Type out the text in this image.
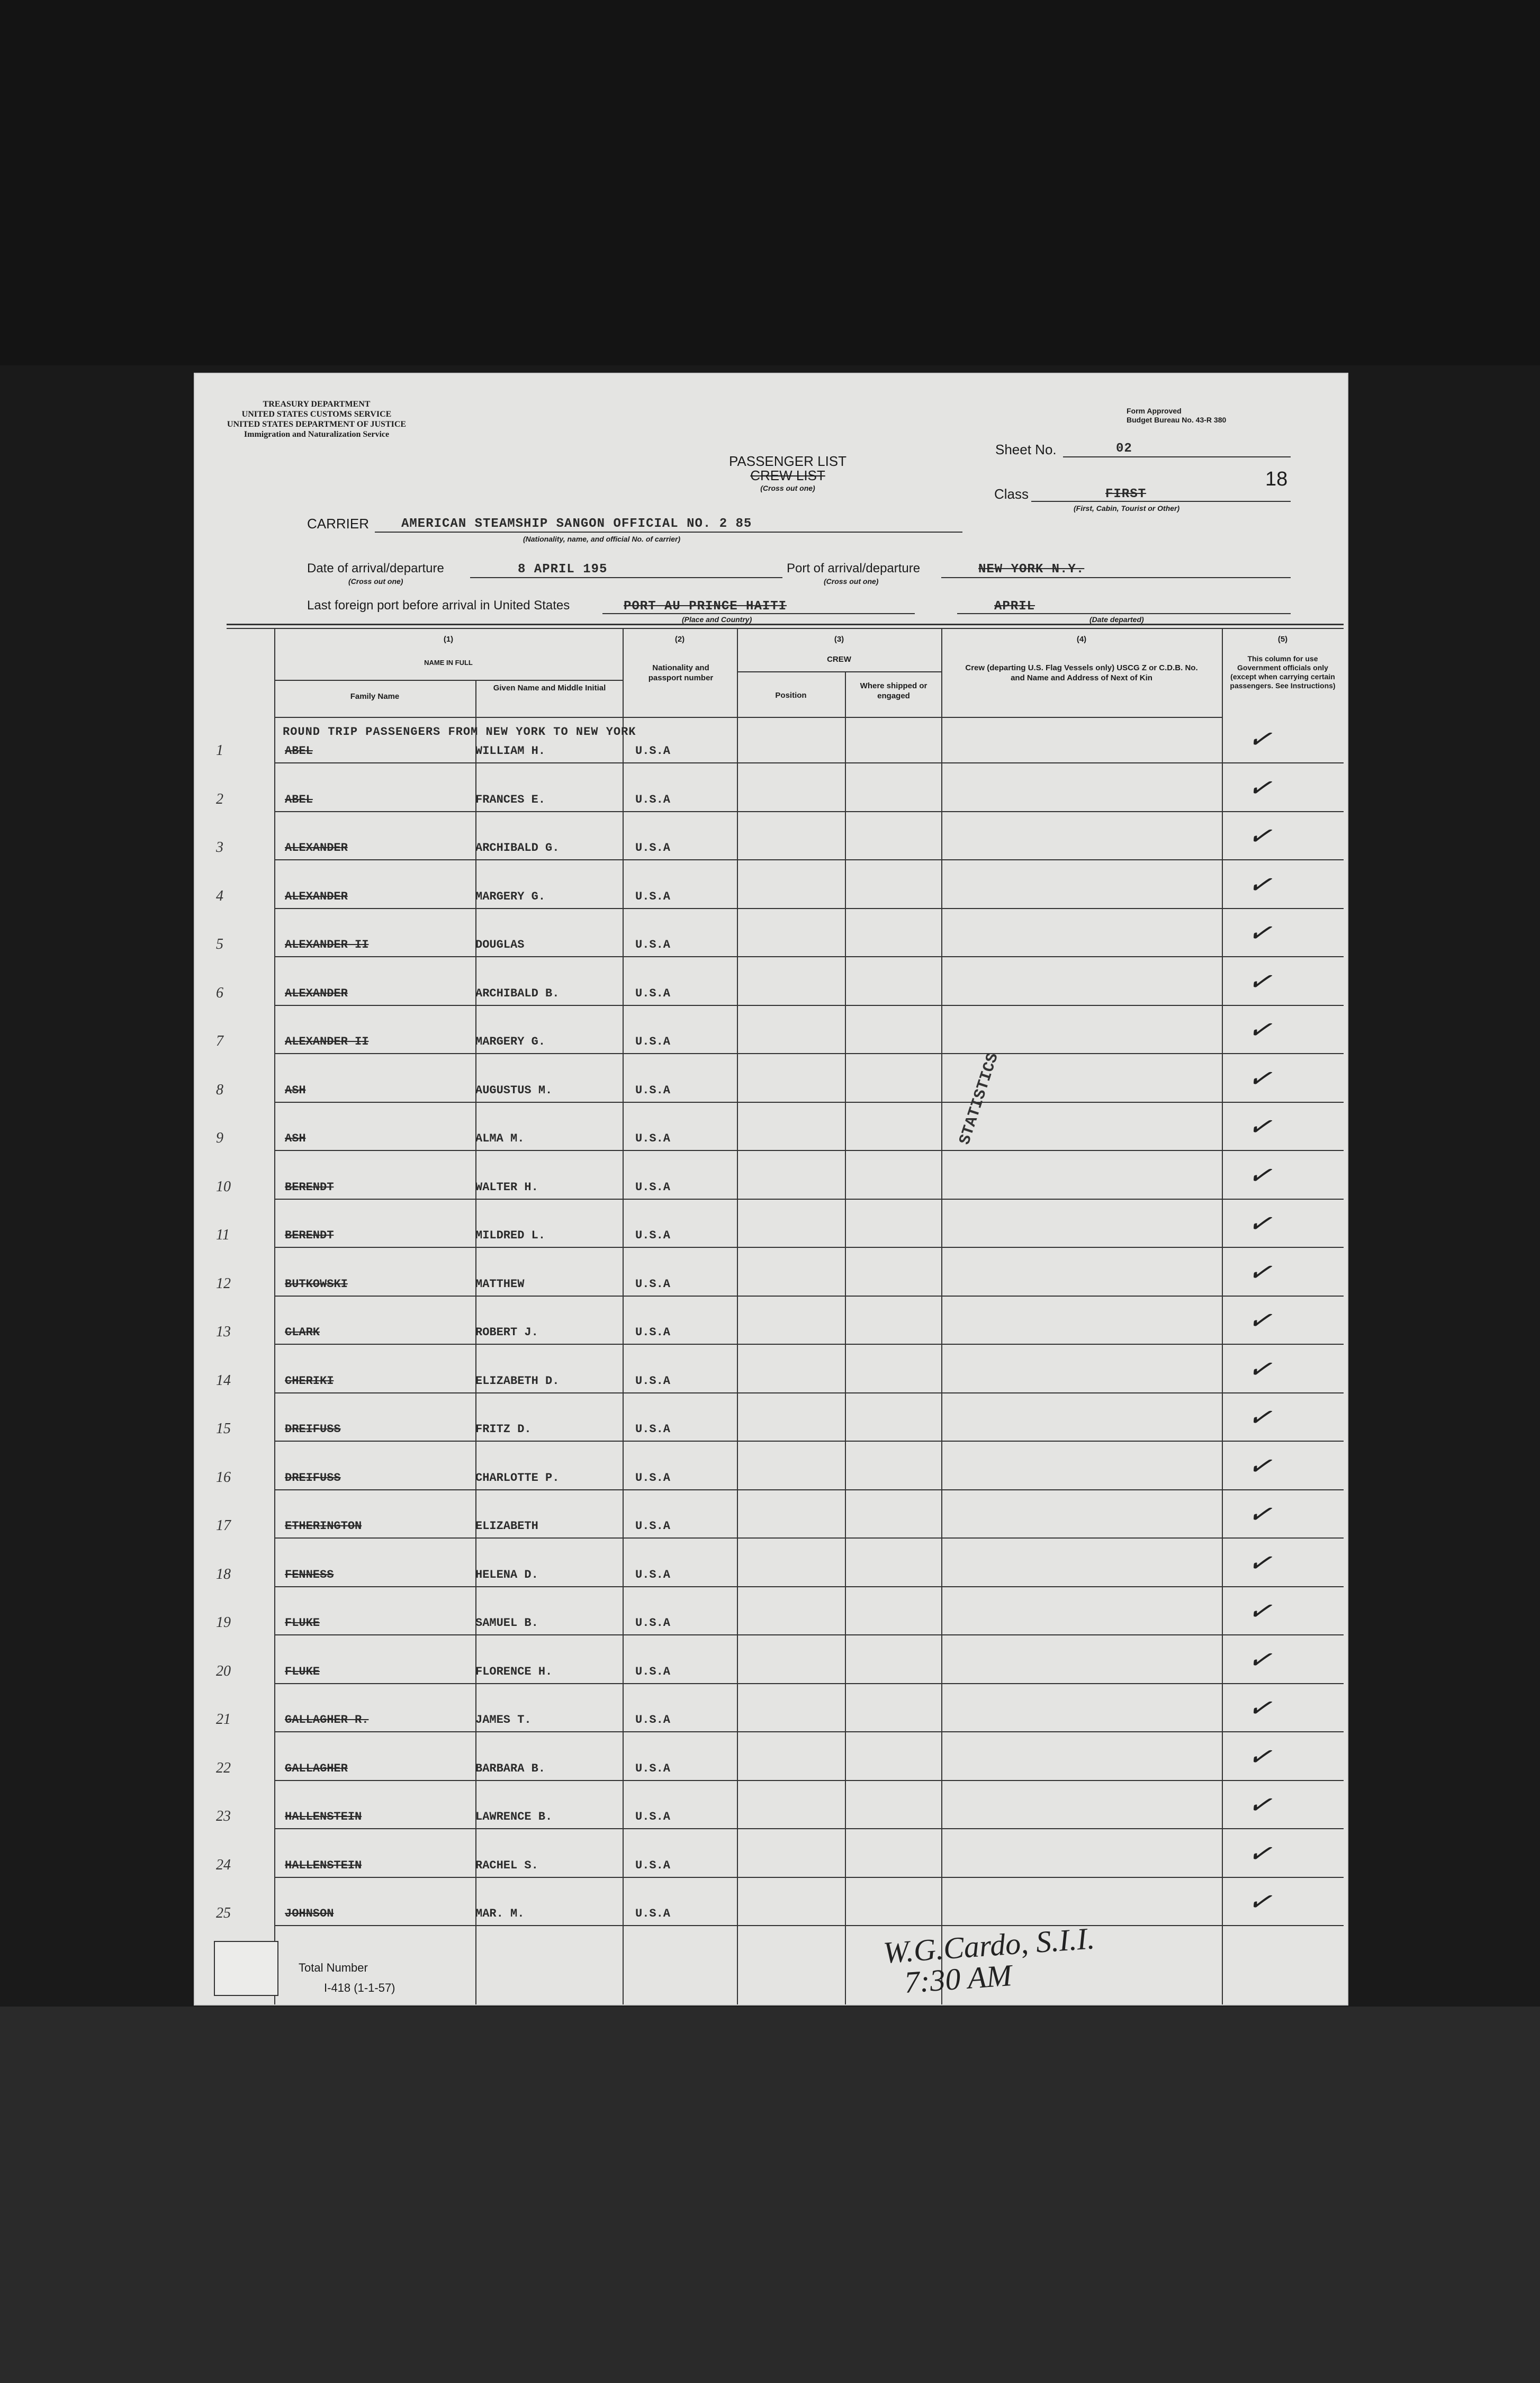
TREASURY DEPARTMENT
UNITED STATES CUSTOMS SERVICE
UNITED STATES DEPARTMENT OF JUSTICE
Immigration and Naturalization Service
Form Approved
Budget Bureau No. 43-R 380
PASSENGER LIST
CREW LIST
(Cross out one)
Sheet No.	02
18
Class	FIRST
(First, Cabin, Tourist or Other)
CARRIER	AMERICAN STEAMSHIP SANGON OFFICIAL NO. 2 85
(Nationality, name, and official No. of carrier)
Date of arrival/departure
(Cross out one)
8 APRIL 195	Port of arrival/departure
(Cross out one)
NEW YORK N.Y.
Last foreign port before arrival in United States	PORT AU PRINCE HAITI
(Place and Country)
APRIL
(Date departed)
(1)
NAME IN FULL
Family Name
Given Name and Middle Initial
(2)
Nationality and passport number
(3)
CREW
Position
Where shipped or engaged
(4)
Crew (departing U.S. Flag Vessels only) USCG Z or C.D.B. No. and Name and Address of Next of Kin
(5)
This column for use Government officials only (except when carrying certain passengers. See Instructions)
ROUND TRIP PASSENGERS FROM NEW YORK TO NEW YORK
1	ABEL	WILLIAM H.	U.S.A	✓
2	ABEL	FRANCES E.	U.S.A	✓
3	ALEXANDER	ARCHIBALD G.	U.S.A	✓
4	ALEXANDER	MARGERY G.	U.S.A	✓
5	ALEXANDER II	DOUGLAS	U.S.A	✓
6	ALEXANDER	ARCHIBALD B.	U.S.A	✓
7	ALEXANDER II	MARGERY G.	U.S.A	✓
8	ASH	AUGUSTUS M.	U.S.A	✓
9	ASH	ALMA M.	U.S.A	✓
10	BERENDT	WALTER H.	U.S.A	✓
11	BERENDT	MILDRED L.	U.S.A	✓
12	BUTKOWSKI	MATTHEW	U.S.A	✓
13	CLARK	ROBERT J.	U.S.A	✓
14	CHERIKI	ELIZABETH D.	U.S.A	✓
15	DREIFUSS	FRITZ D.	U.S.A	✓
16	DREIFUSS	CHARLOTTE P.	U.S.A	✓
17	ETHERINGTON	ELIZABETH	U.S.A	✓
18	FENNESS	HELENA D.	U.S.A	✓
19	FLUKE	SAMUEL B.	U.S.A	✓
20	FLUKE	FLORENCE H.	U.S.A	✓
21	GALLAGHER R.	JAMES T.	U.S.A	✓
22	GALLAGHER	BARBARA B.	U.S.A	✓
23	HALLENSTEIN	LAWRENCE B.	U.S.A	✓
24	HALLENSTEIN	RACHEL S.	U.S.A	✓
25	JOHNSON	MAR. M.	U.S.A	✓
STATISTICS
Total Number
I-418 (1-1-57)
W.G.Cardo, S.I.I.
7:30 AM
